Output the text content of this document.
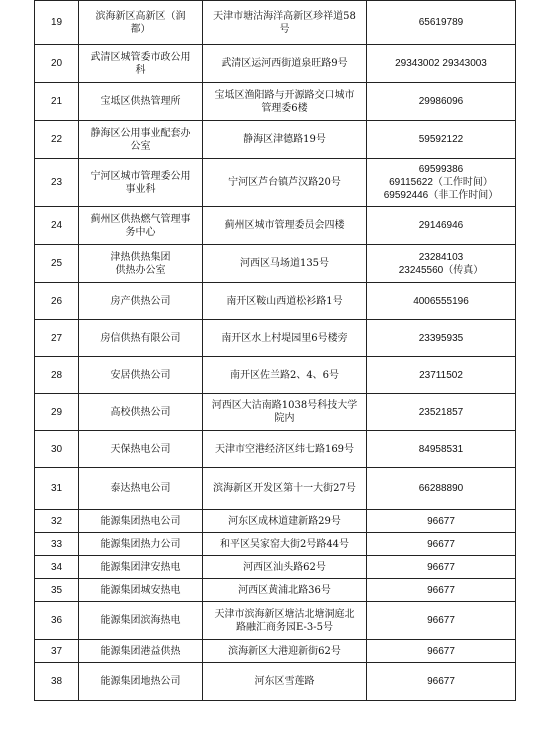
19	滨海新区高新区（润
都）	天津市塘沽海洋高新区珍祥道58
号	65619789

20	武清区城管委市政公用
科	武清区运河西街道泉旺路9号	29343002 29343003

21	宝坻区供热管理所	宝坻区渔阳路与开源路交口城市
管理委6楼	29986096

22	静海区公用事业配套办
公室	静海区津德路19号	59592122

23	宁河区城市管理委公用
事业科	宁河区芦台镇芦汉路20号	69599386
69115622（工作时间）
69592446（非工作时间）

24	蓟州区供热燃气管理事
务中心	蓟州区城市管理委员会四楼	29146946

25	津热供热集团
供热办公室	河西区马场道135号	23284103
23245560（传真）

26	房产供热公司	南开区鞍山西道松衫路1号	4006555196

27	房信供热有限公司	南开区水上村堤园里6号楼旁	23395935

28	安居供热公司	南开区佐兰路2、4、6号	23711502

29	高校供热公司	河西区大沽南路1038号科技大学
院内	23521857

30	天保热电公司	天津市空港经济区纬七路169号	84958531

31	泰达热电公司	滨海新区开发区第十一大街27号	66288890

32	能源集团热电公司	河东区成林道建新路29号	96677

33	能源集团热力公司	和平区吴家窑大街2号路44号	96677

34	能源集团津安热电	河西区汕头路62号	96677

35	能源集团城安热电	河西区黄浦北路36号	96677

36	能源集团滨海热电	天津市滨海新区塘沽北塘洞庭北
路融汇商务园E-3-5号	96677

37	能源集团港益供热	滨海新区大港迎新街62号	96677

38	能源集团地热公司	河东区雪莲路	96677
